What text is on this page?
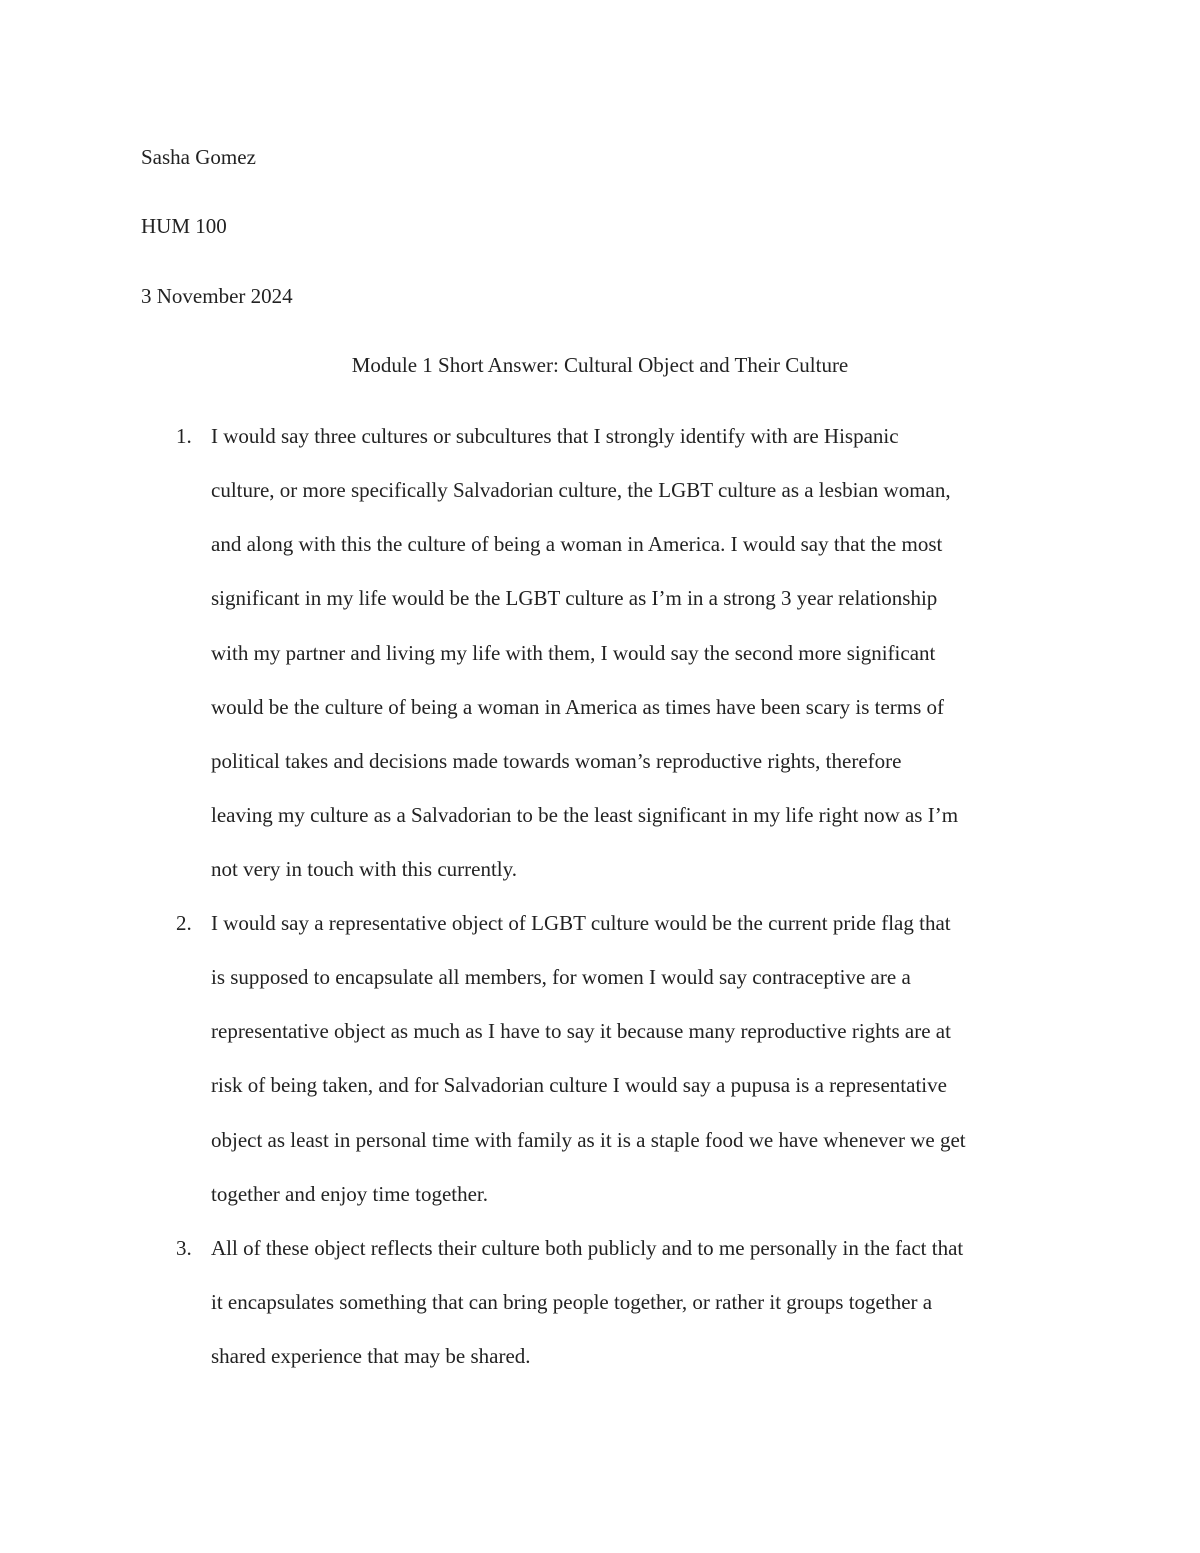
Sasha Gomez
HUM 100
3 November 2024
Module 1 Short Answer: Cultural Object and Their Culture
1. I would say three cultures or subcultures that I strongly identify with are Hispanic
culture, or more specifically Salvadorian culture, the LGBT culture as a lesbian woman,
and along with this the culture of being a woman in America. I would say that the most
significant in my life would be the LGBT culture as I’m in a strong 3 year relationship
with my partner and living my life with them, I would say the second more significant
would be the culture of being a woman in America as times have been scary is terms of
political takes and decisions made towards woman’s reproductive rights, therefore
leaving my culture as a Salvadorian to be the least significant in my life right now as I’m
not very in touch with this currently.
2. I would say a representative object of LGBT culture would be the current pride flag that
is supposed to encapsulate all members, for women I would say contraceptive are a
representative object as much as I have to say it because many reproductive rights are at
risk of being taken, and for Salvadorian culture I would say a pupusa is a representative
object as least in personal time with family as it is a staple food we have whenever we get
together and enjoy time together.
3. All of these object reflects their culture both publicly and to me personally in the fact that
it encapsulates something that can bring people together, or rather it groups together a
shared experience that may be shared.
